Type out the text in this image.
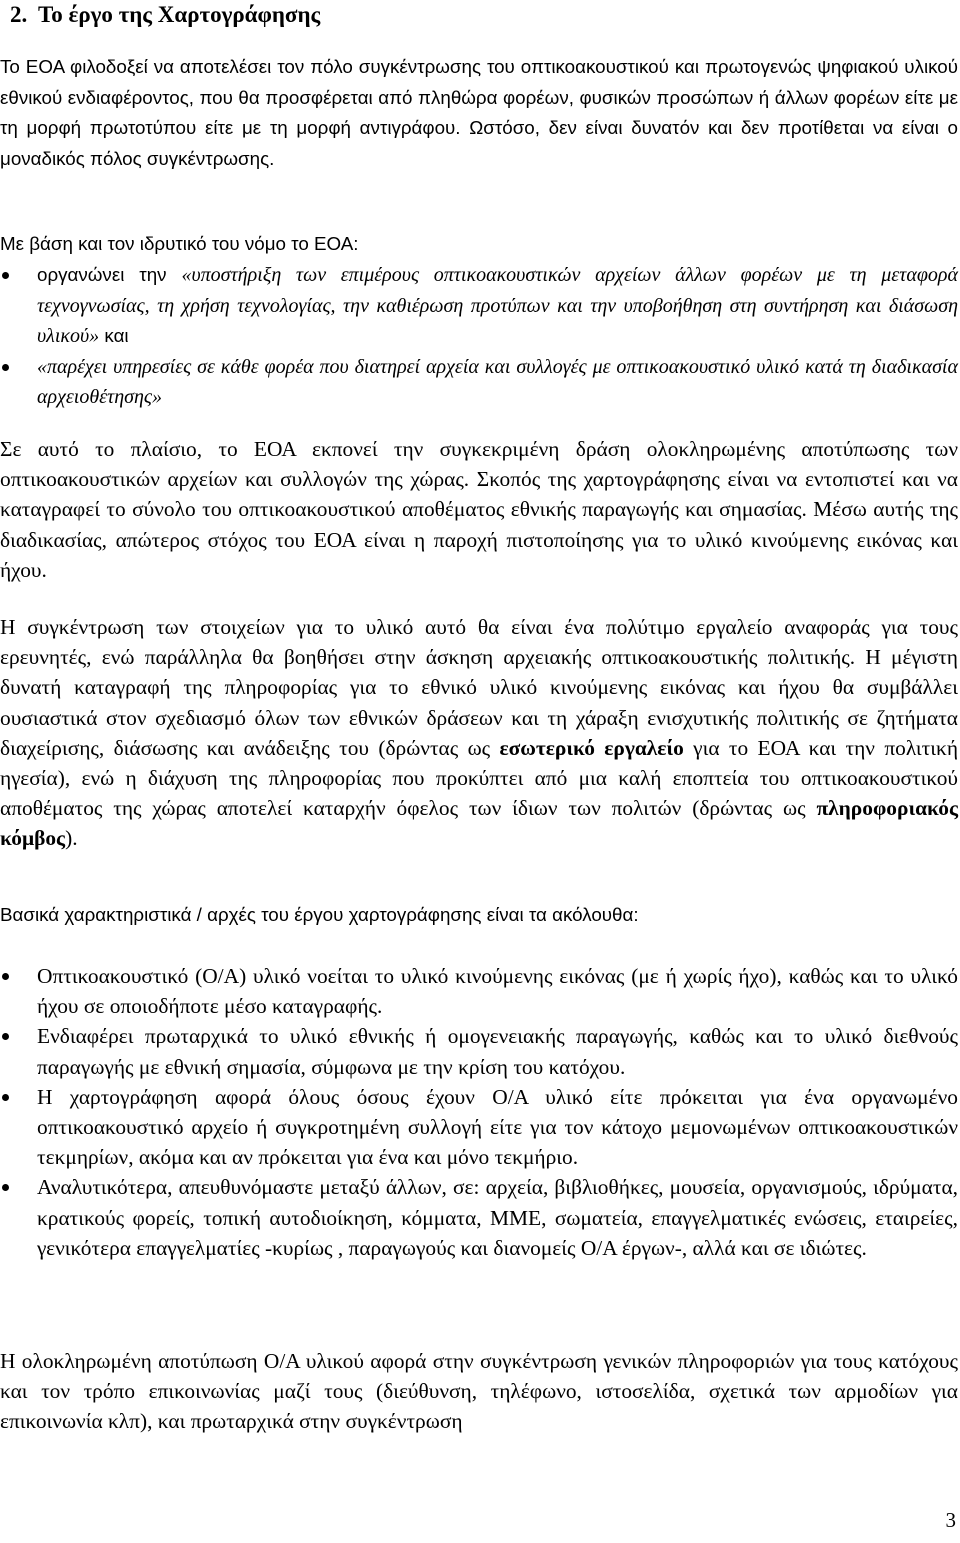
2. Το έργο της Χαρτογράφησης

Το ΕΟΑ φιλοδοξεί να αποτελέσει τον πόλο συγκέντρωσης του οπτικοακουστικού και πρωτογενώς ψηφιακού υλικού εθνικού ενδιαφέροντος, που θα προσφέρεται από πληθώρα φορέων, φυσικών προσώπων ή άλλων φορέων είτε με τη μορφή πρωτοτύπου είτε με τη μορφή αντιγράφου. Ωστόσο, δεν είναι δυνατόν και δεν προτίθεται να είναι ο μοναδικός πόλος συγκέντρωσης.

Με βάση και τον ιδρυτικό του νόμο το ΕΟΑ:

οργανώνει την «υποστήριξη των επιμέρους οπτικοακουστικών αρχείων άλλων φορέων με τη μεταφορά τεχνογνωσίας, τη χρήση τεχνολογίας, την καθιέρωση προτύπων και την υποβοήθηση στη συντήρηση και διάσωση υλικού» και
«παρέχει υπηρεσίες σε κάθε φορέα που διατηρεί αρχεία και συλλογές με οπτικοακουστικό υλικό κατά τη διαδικασία αρχειοθέτησης»

Σε αυτό το πλαίσιο, το ΕΟΑ εκπονεί την συγκεκριμένη δράση ολοκληρωμένης αποτύπωσης των οπτικοακουστικών αρχείων και συλλογών της χώρας. Σκοπός της χαρτογράφησης είναι να εντοπιστεί και να καταγραφεί το σύνολο του οπτικοακουστικού αποθέματος εθνικής παραγωγής και σημασίας. Μέσω αυτής της διαδικασίας, απώτερος στόχος του ΕΟΑ είναι η παροχή πιστοποίησης για το υλικό κινούμενης εικόνας και ήχου.

Η συγκέντρωση των στοιχείων για το υλικό αυτό θα είναι ένα πολύτιμο εργαλείο αναφοράς για τους ερευνητές, ενώ παράλληλα θα βοηθήσει στην άσκηση αρχειακής οπτικοακουστικής πολιτικής. Η μέγιστη δυνατή καταγραφή της πληροφορίας για το εθνικό υλικό κινούμενης εικόνας και ήχου θα συμβάλλει ουσιαστικά στον σχεδιασμό όλων των εθνικών δράσεων και τη χάραξη ενισχυτικής πολιτικής σε ζητήματα διαχείρισης, διάσωσης και ανάδειξης του (δρώντας ως εσωτερικό εργαλείο για το ΕΟΑ και την πολιτική ηγεσία), ενώ η διάχυση της πληροφορίας που προκύπτει από μια καλή εποπτεία του οπτικοακουστικού αποθέματος της χώρας αποτελεί καταρχήν όφελος των ίδιων των πολιτών (δρώντας ως πληροφοριακός κόμβος).

Βασικά χαρακτηριστικά / αρχές του έργου χαρτογράφησης είναι τα ακόλουθα:

Οπτικοακουστικό (Ο/Α) υλικό νοείται το υλικό κινούμενης εικόνας (με ή χωρίς ήχο), καθώς και το υλικό ήχου σε οποιοδήποτε μέσο καταγραφής.
Ενδιαφέρει πρωταρχικά το υλικό εθνικής ή ομογενειακής παραγωγής, καθώς και το υλικό διεθνούς παραγωγής με εθνική σημασία, σύμφωνα με την κρίση του κατόχου.
Η χαρτογράφηση αφορά όλους όσους έχουν Ο/Α υλικό είτε πρόκειται για ένα οργανωμένο οπτικοακουστικό αρχείο ή συγκροτημένη συλλογή είτε για τον κάτοχο μεμονωμένων οπτικοακουστικών τεκμηρίων, ακόμα και αν πρόκειται για ένα και μόνο τεκμήριο.
Αναλυτικότερα, απευθυνόμαστε μεταξύ άλλων, σε: αρχεία, βιβλιοθήκες, μουσεία, οργανισμούς, ιδρύματα, κρατικούς φορείς, τοπική αυτοδιοίκηση, κόμματα, ΜΜΕ, σωματεία, επαγγελματικές ενώσεις, εταιρείες, γενικότερα επαγγελματίες -κυρίως , παραγωγούς και διανομείς Ο/Α έργων-, αλλά και σε ιδιώτες.

Η ολοκληρωμένη αποτύπωση Ο/Α υλικού αφορά στην συγκέντρωση γενικών πληροφοριών για τους κατόχους και τον τρόπο επικοινωνίας μαζί τους (διεύθυνση, τηλέφωνο, ιστοσελίδα, σχετικά των αρμοδίων για επικοινωνία κλπ), και πρωταρχικά στην συγκέντρωση

3
